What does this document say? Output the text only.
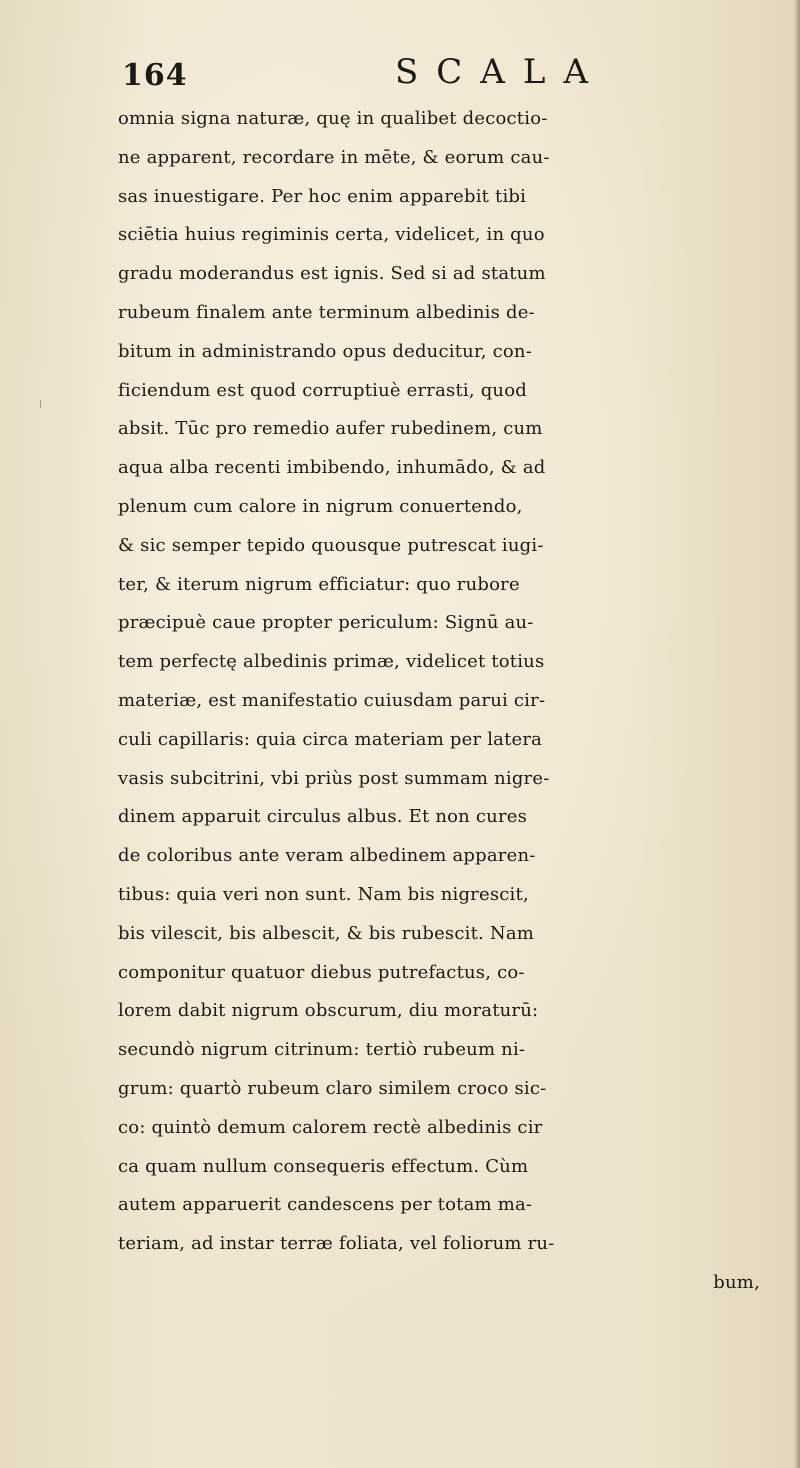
164	SCALA
omnia signa naturæ, quę in qualibet decoctio-
ne apparent, recordare in mēte, & eorum cau-
sas inuestigare. Per hoc enim apparebit tibi
sciētia huius regiminis certa, videlicet, in quo
gradu moderandus est ignis. Sed si ad statum
rubeum finalem ante terminum albedinis de-
bitum in administrando opus deducitur, con-
ficiendum est quod corruptiuè errasti, quod
absit. Tūc pro remedio aufer rubedinem, cum
aqua alba recenti imbibendo, inhumādo, & ad
plenum cum calore in nigrum conuertendo,
& sic semper tepido quousque putrescat iugi-
ter, & iterum nigrum efficiatur: quo rubore
præcipuè caue propter periculum: Signū au-
tem perfectę albedinis primæ, videlicet totius
materiæ, est manifestatio cuiusdam parui cir-
culi capillaris: quia circa materiam per latera
vasis subcitrini, vbi priùs post summam nigre-
dinem apparuit circulus albus. Et non cures
de coloribus ante veram albedinem apparen-
tibus: quia veri non sunt. Nam bis nigrescit,
bis vilescit, bis albescit, & bis rubescit. Nam
componitur quatuor diebus putrefactus, co-
lorem dabit nigrum obscurum, diu moraturū:
secundò nigrum citrinum: tertiò rubeum ni-
grum: quartò rubeum claro similem croco sic-
co: quintò demum calorem rectè albedinis cir
ca quam nullum consequeris effectum. Cùm
autem apparuerit candescens per totam ma-
teriam, ad instar terræ foliata, vel foliorum ru-
bum,
